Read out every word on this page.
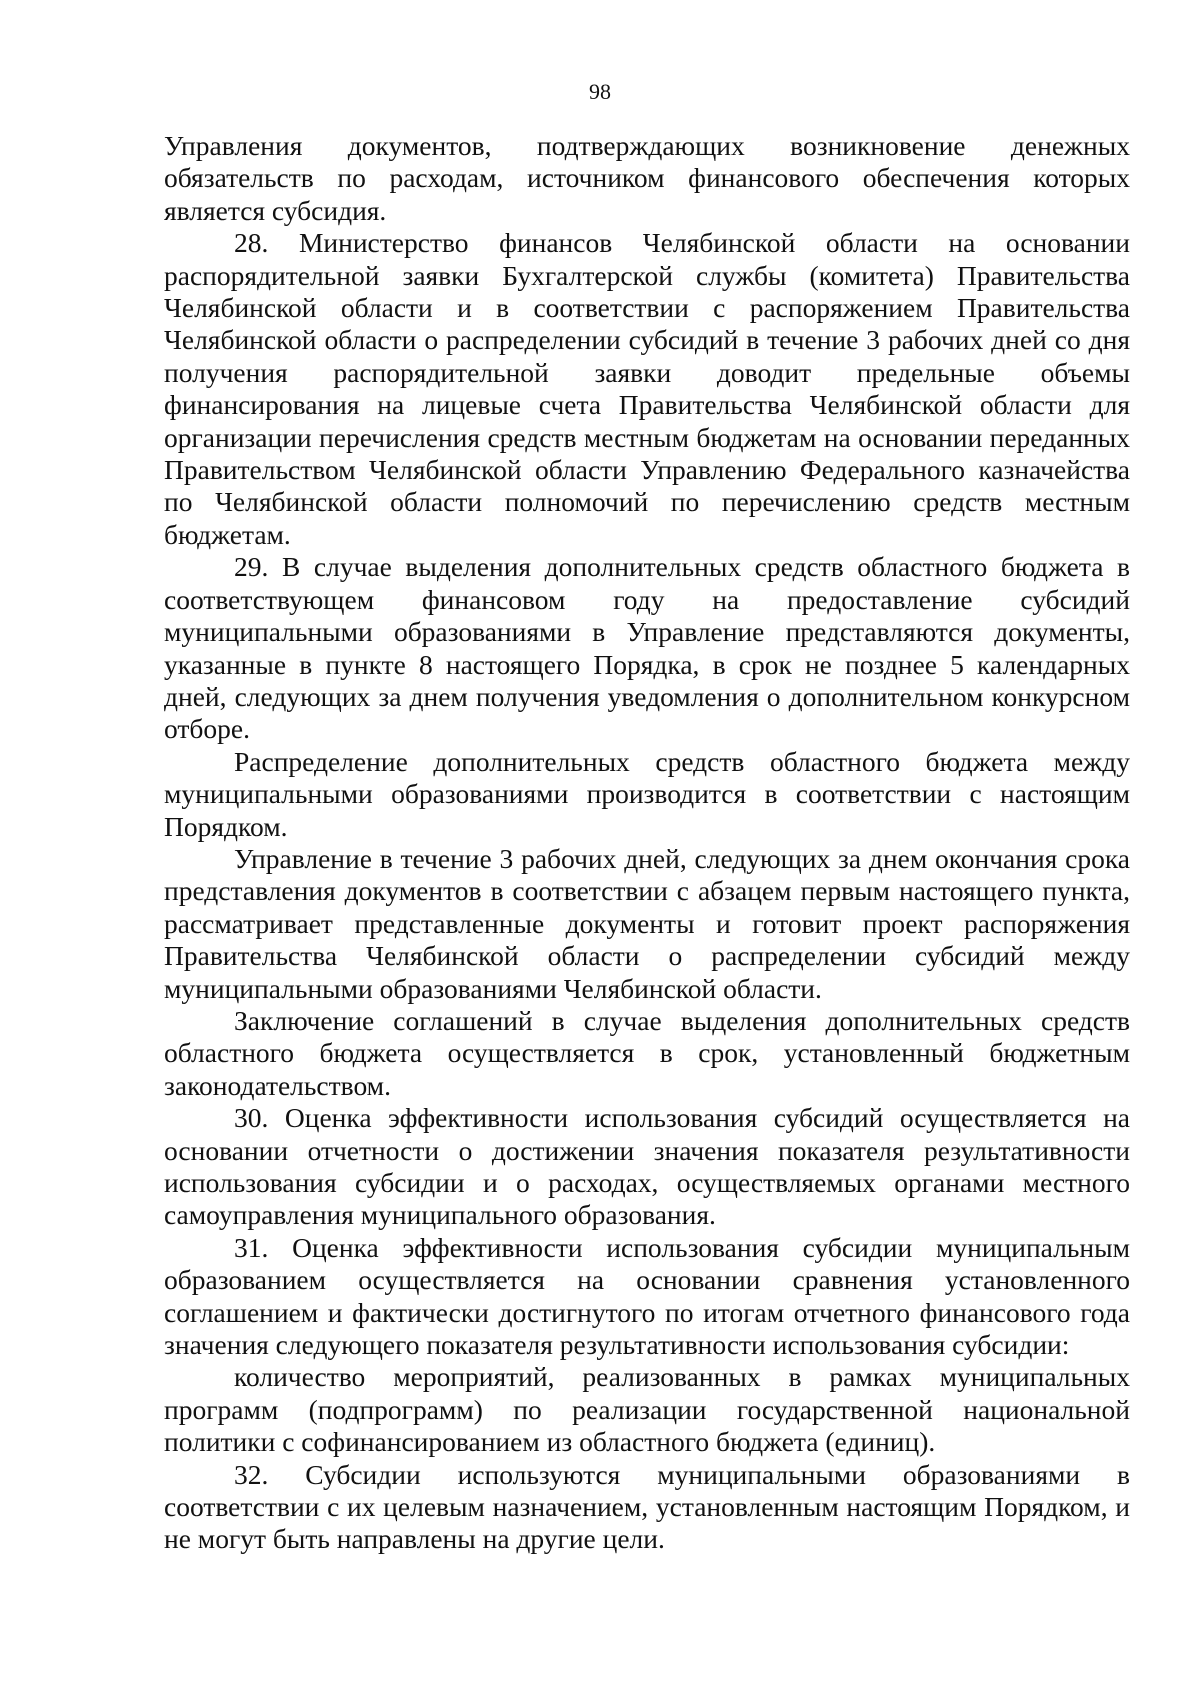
98

Управления документов, подтверждающих возникновение денежных обязательств по расходам, источником финансового обеспечения которых является субсидия.

28. Министерство финансов Челябинской области на основании распорядительной заявки Бухгалтерской службы (комитета) Правительства Челябинской области и в соответствии с распоряжением Правительства Челябинской области о распределении субсидий в течение 3 рабочих дней со дня получения распорядительной заявки доводит предельные объемы финансирования на лицевые счета Правительства Челябинской области для организации перечисления средств местным бюджетам на основании переданных Правительством Челябинской области Управлению Федерального казначейства по Челябинской области полномочий по перечислению средств местным бюджетам.

29. В случае выделения дополнительных средств областного бюджета в соответствующем финансовом году на предоставление субсидий муниципальными образованиями в Управление представляются документы, указанные в пункте 8 настоящего Порядка, в срок не позднее 5 календарных дней, следующих за днем получения уведомления о дополнительном конкурсном отборе.

Распределение дополнительных средств областного бюджета между муниципальными образованиями производится в соответствии с настоящим Порядком.

Управление в течение 3 рабочих дней, следующих за днем окончания срока представления документов в соответствии с абзацем первым настоящего пункта, рассматривает представленные документы и готовит проект распоряжения Правительства Челябинской области о распределении субсидий между муниципальными образованиями Челябинской области.

Заключение соглашений в случае выделения дополнительных средств областного бюджета осуществляется в срок, установленный бюджетным законодательством.

30. Оценка эффективности использования субсидий осуществляется на основании отчетности о достижении значения показателя результативности использования субсидии и о расходах, осуществляемых органами местного самоуправления муниципального образования.

31. Оценка эффективности использования субсидии муниципальным образованием осуществляется на основании сравнения установленного соглашением и фактически достигнутого по итогам отчетного финансового года значения следующего показателя результативности использования субсидии:

количество мероприятий, реализованных в рамках муниципальных программ (подпрограмм) по реализации государственной национальной политики с софинансированием из областного бюджета (единиц).

32. Субсидии используются муниципальными образованиями в соответствии с их целевым назначением, установленным настоящим Порядком, и не могут быть направлены на другие цели.
